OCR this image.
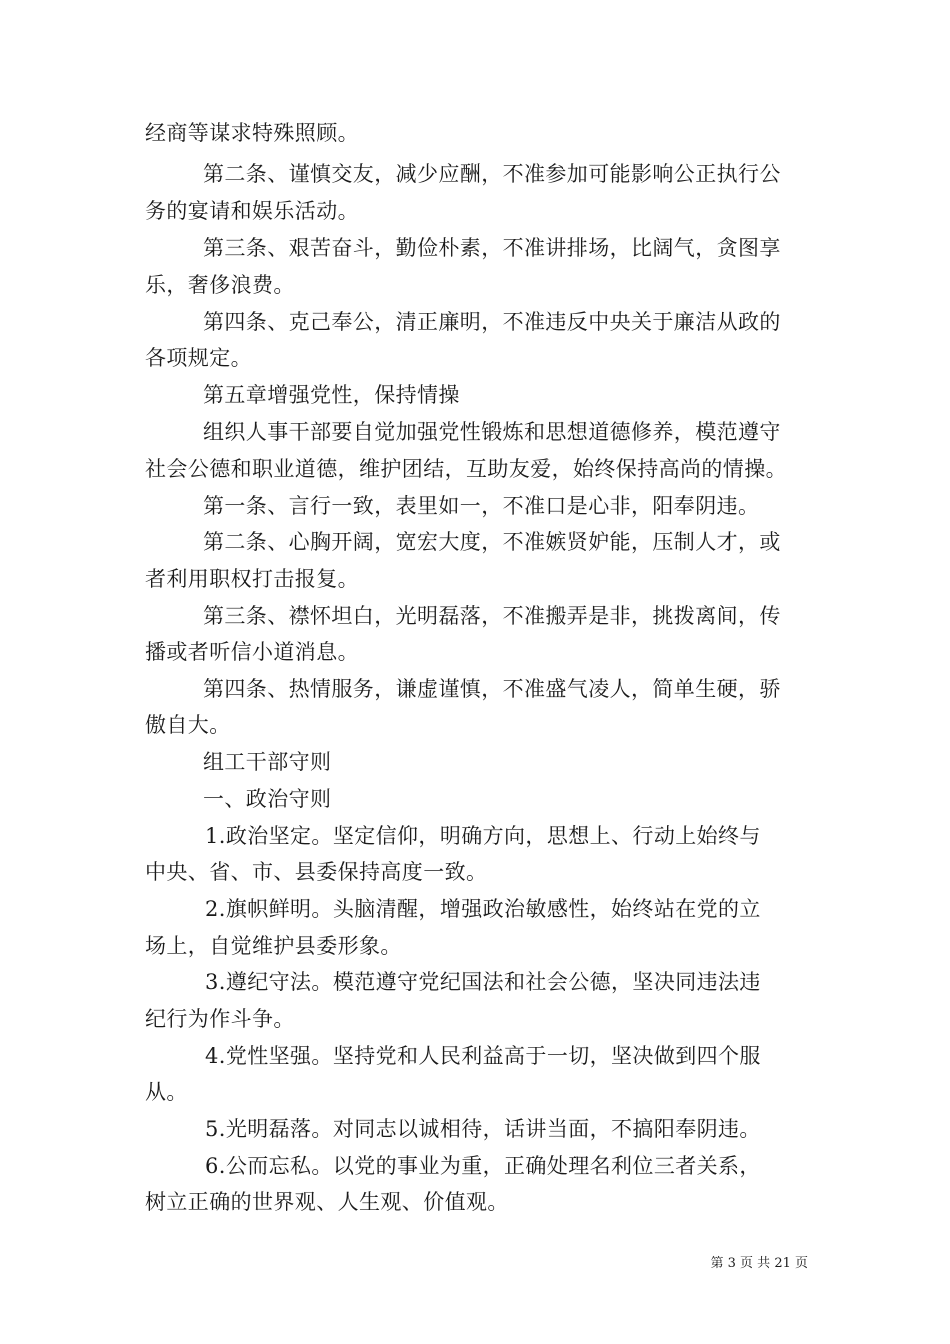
经商等谋求特殊照顾。
第二条、谨慎交友，减少应酬，不准参加可能影响公正执行公
务的宴请和娱乐活动。
第三条、艰苦奋斗，勤俭朴素，不准讲排场，比阔气，贪图享
乐，奢侈浪费。
第四条、克己奉公，清正廉明，不准违反中央关于廉洁从政的
各项规定。
第五章增强党性，保持情操
组织人事干部要自觉加强党性锻炼和思想道德修养，模范遵守
社会公德和职业道德，维护团结，互助友爱，始终保持高尚的情操。
第一条、言行一致，表里如一，不准口是心非，阳奉阴违。
第二条、心胸开阔，宽宏大度，不准嫉贤妒能，压制人才，或
者利用职权打击报复。
第三条、襟怀坦白，光明磊落，不准搬弄是非，挑拨离间，传
播或者听信小道消息。
第四条、热情服务，谦虚谨慎，不准盛气凌人，简单生硬，骄
傲自大。
组工干部守则
一、政治守则
1.政治坚定。坚定信仰，明确方向，思想上、行动上始终与
中央、省、市、县委保持高度一致。
2.旗帜鲜明。头脑清醒，增强政治敏感性，始终站在党的立
场上，自觉维护县委形象。
3.遵纪守法。模范遵守党纪国法和社会公德，坚决同违法违
纪行为作斗争。
4.党性坚强。坚持党和人民利益高于一切，坚决做到四个服
从。
5.光明磊落。对同志以诚相待，话讲当面，不搞阳奉阴违。
6.公而忘私。以党的事业为重，正确处理名利位三者关系，
树立正确的世界观、人生观、价值观。
第 3 页 共 21 页
